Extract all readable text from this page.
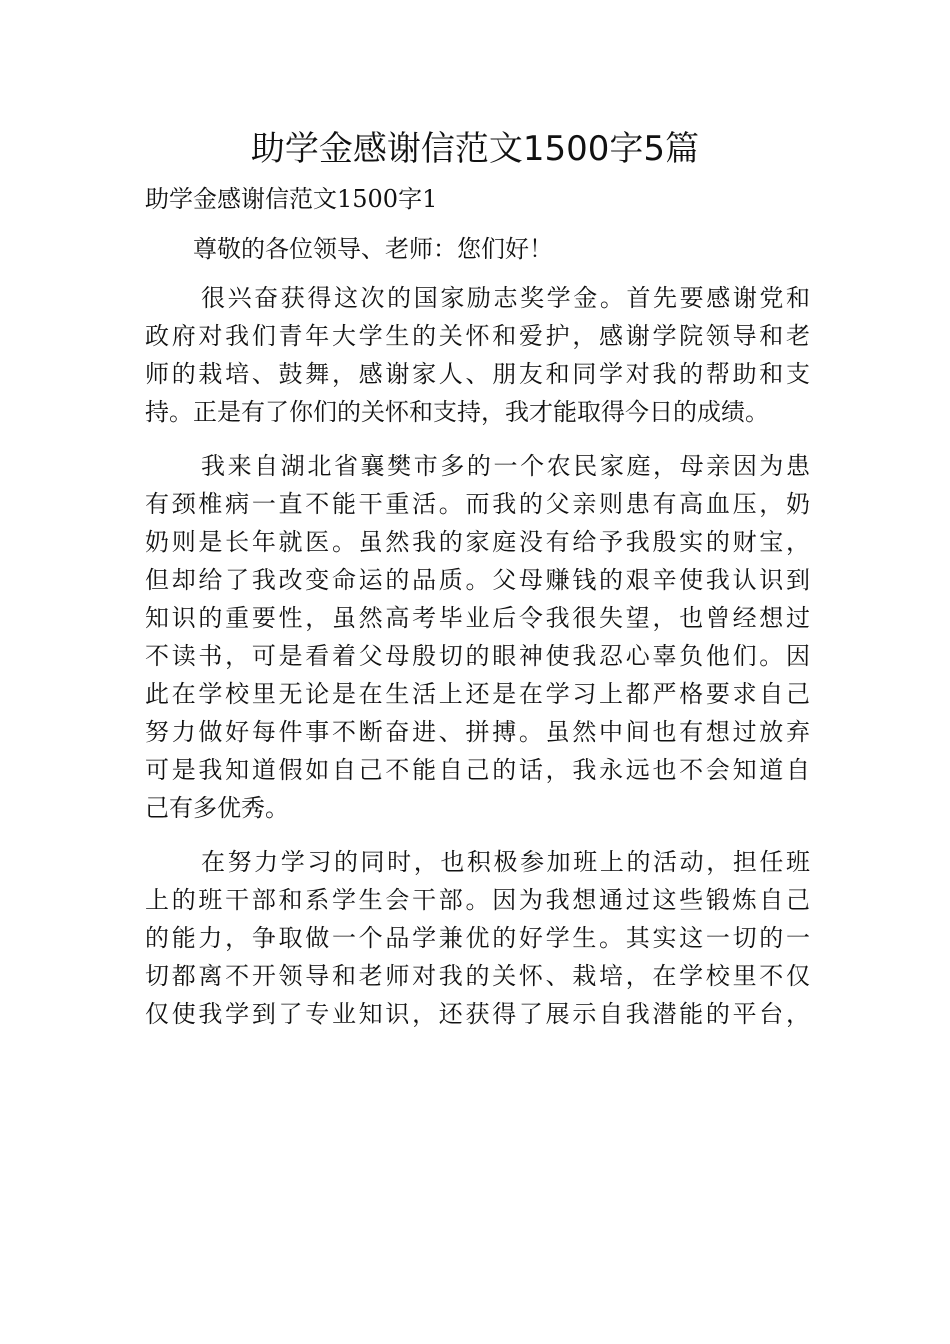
助学金感谢信范文1500字5篇

助学金感谢信范文1500字1

尊敬的各位领导、老师：您们好！

很兴奋获得这次的国家励志奖学金。首先要感谢党和
政府对我们青年大学生的关怀和爱护，感谢学院领导和老
师的栽培、鼓舞，感谢家人、朋友和同学对我的帮助和支
持。正是有了你们的关怀和支持，我才能取得今日的成绩。
我来自湖北省襄樊市多的一个农民家庭，母亲因为患
有颈椎病一直不能干重活。而我的父亲则患有高血压，奶
奶则是长年就医。虽然我的家庭没有给予我殷实的财宝，
但却给了我改变命运的品质。父母赚钱的艰辛使我认识到
知识的重要性，虽然高考毕业后令我很失望，也曾经想过
不读书，可是看着父母殷切的眼神使我忍心辜负他们。因
此在学校里无论是在生活上还是在学习上都严格要求自己
努力做好每件事不断奋进、拼搏。虽然中间也有想过放弃
可是我知道假如自己不能自己的话，我永远也不会知道自
己有多优秀。
在努力学习的同时，也积极参加班上的活动，担任班
上的班干部和系学生会干部。因为我想通过这些锻炼自己
的能力，争取做一个品学兼优的好学生。其实这一切的一
切都离不开领导和老师对我的关怀、栽培，在学校里不仅
仅使我学到了专业知识，还获得了展示自我潜能的平台，
